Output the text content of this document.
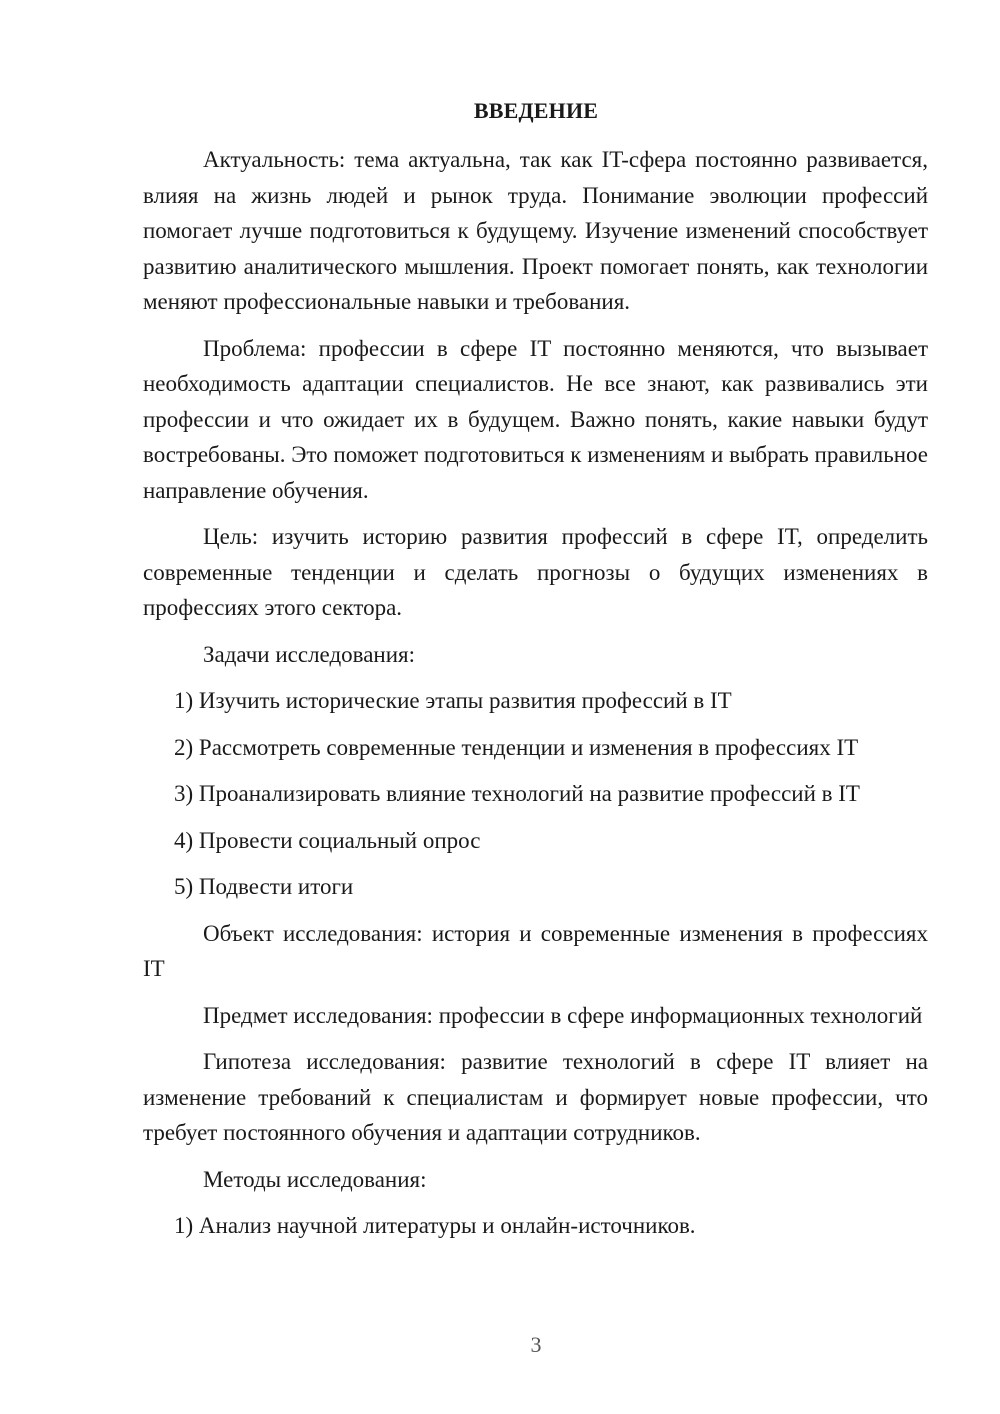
ВВЕДЕНИЕ

Актуальность: тема актуальна, так как IT-сфера постоянно развивается, влияя на жизнь людей и рынок труда. Понимание эволюции профессий помогает лучше подготовиться к будущему. Изучение изменений способствует развитию аналитического мышления. Проект помогает понять, как технологии меняют профессиональные навыки и требования.

Проблема: профессии в сфере IT постоянно меняются, что вызывает необходимость адаптации специалистов. Не все знают, как развивались эти профессии и что ожидает их в будущем. Важно понять, какие навыки будут востребованы. Это поможет подготовиться к изменениям и выбрать правильное направление обучения.

Цель: изучить историю развития профессий в сфере IT, определить современные тенденции и сделать прогнозы о будущих изменениях в профессиях этого сектора.

Задачи исследования:

1) Изучить исторические этапы развития профессий в IT
2) Рассмотреть современные тенденции и изменения в профессиях IT
3) Проанализировать влияние технологий на развитие профессий в IT
4) Провести социальный опрос
5) Подвести итоги

Объект исследования: история и современные изменения в профессиях IT

Предмет исследования: профессии в сфере информационных технологий

Гипотеза исследования: развитие технологий в сфере IT влияет на изменение требований к специалистам и формирует новые профессии, что требует постоянного обучения и адаптации сотрудников.

Методы исследования:

1) Анализ научной литературы и онлайн-источников.
3
